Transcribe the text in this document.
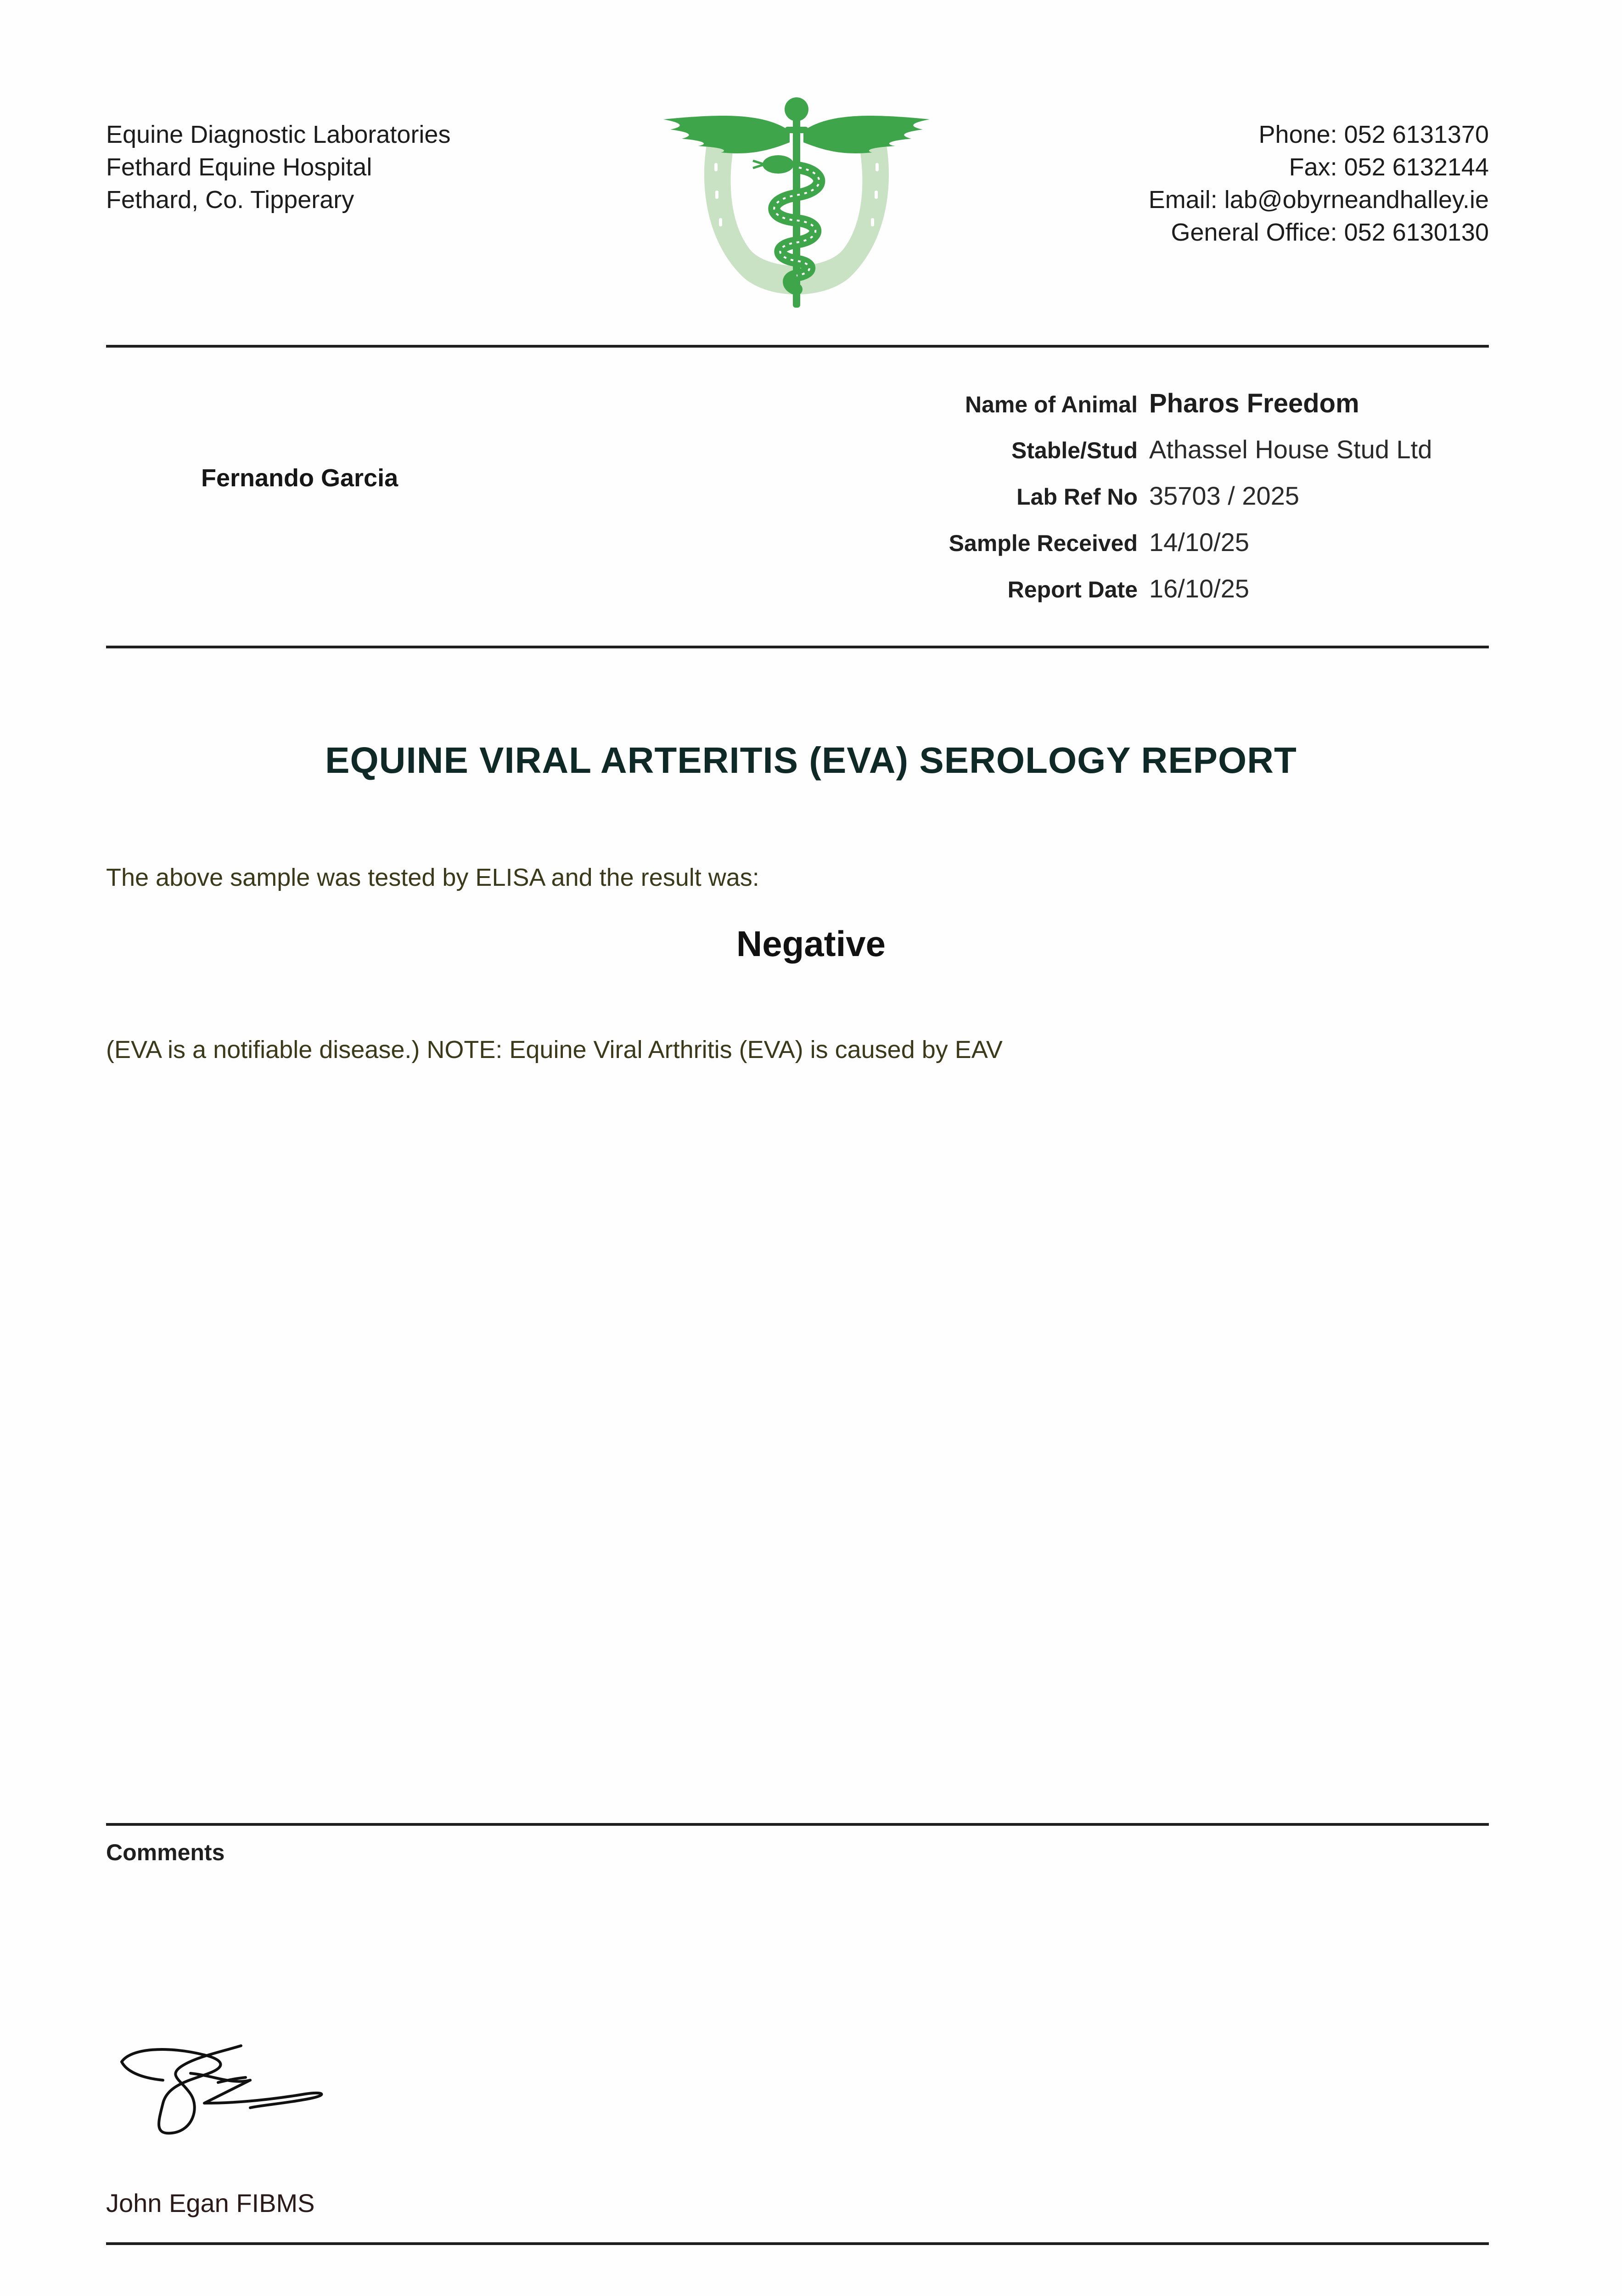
Equine Diagnostic Laboratories
Fethard Equine Hospital
Fethard, Co. Tipperary
Phone: 052 6131370
Fax: 052 6132144
Email: lab@obyrneandhalley.ie
General Office: 052 6130130
Fernando Garcia
Name of Animal Pharos Freedom
Stable/Stud Athassel House Stud Ltd
Lab Ref No 35703 / 2025
Sample Received 14/10/25
Report Date 16/10/25
EQUINE VIRAL ARTERITIS (EVA) SEROLOGY REPORT
The above sample was tested by ELISA and the result was:
Negative
(EVA is a notifiable disease.) NOTE: Equine Viral Arthritis (EVA) is caused by EAV
Comments
John Egan FIBMS
